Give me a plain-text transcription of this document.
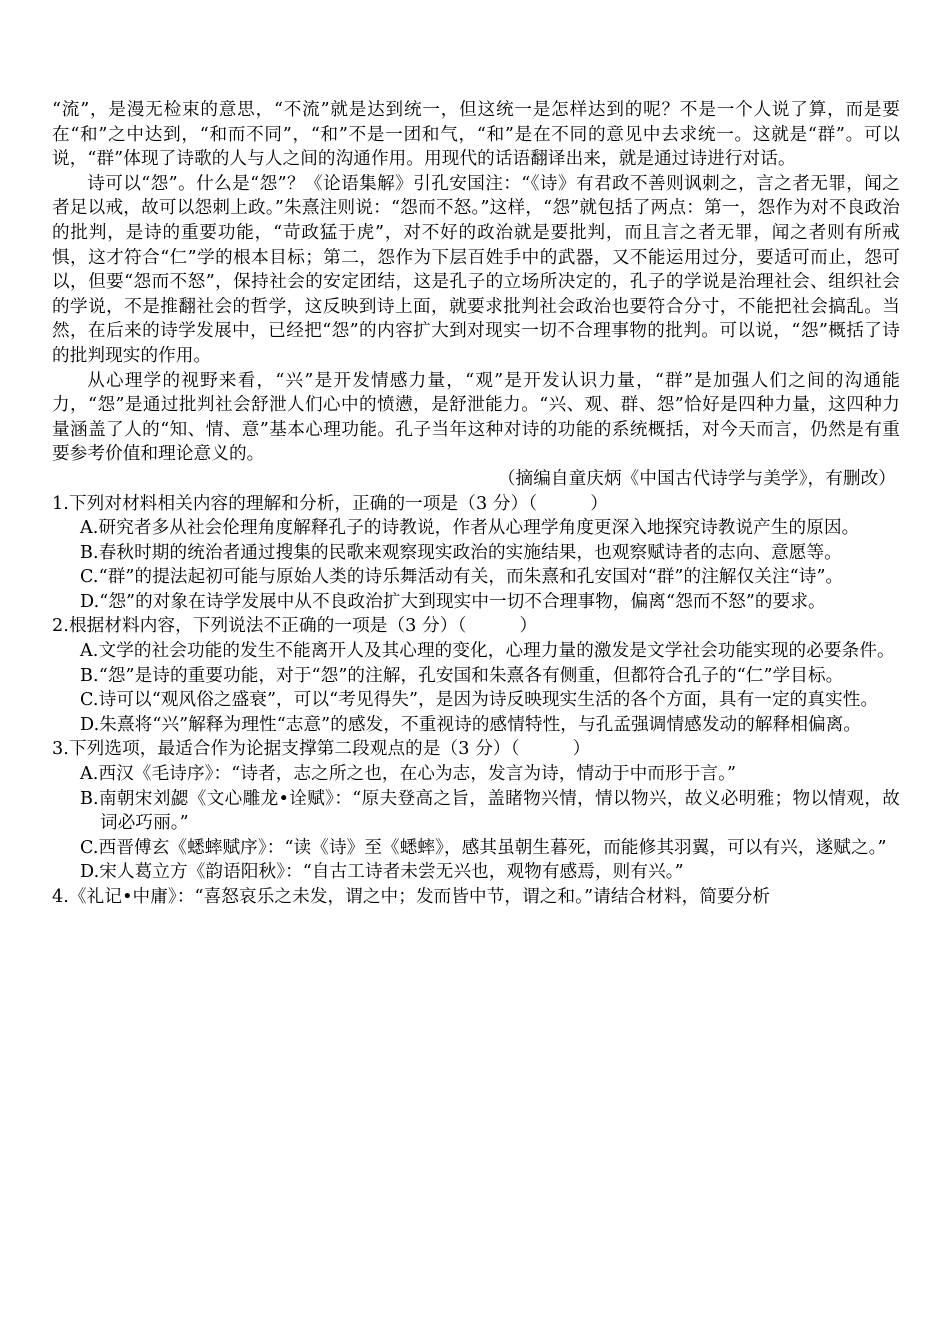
“流”，是漫无检束的意思，“不流”就是达到统一，但这统一是怎样达到的呢？不是一个人说了算，而是要在“和”之中达到，“和而不同”，“和”不是一团和气，“和”是在不同的意见中去求统一。这就是“群”。可以说，“群”体现了诗歌的人与人之间的沟通作用。用现代的话语翻译出来，就是通过诗进行对话。

诗可以“怨”。什么是“怨”？《论语集解》引孔安国注：“《诗》有君政不善则讽刺之，言之者无罪，闻之者足以戒，故可以怨刺上政。”朱熹注则说：“怨而不怒。”这样，“怨”就包括了两点：第一，怨作为对不良政治的批判，是诗的重要功能，“苛政猛于虎”，对不好的政治就是要批判，而且言之者无罪，闻之者则有所戒惧，这才符合“仁”学的根本目标；第二，怨作为下层百姓手中的武器，又不能运用过分，要适可而止，怨可以，但要“怨而不怒”，保持社会的安定团结，这是孔子的立场所决定的，孔子的学说是治理社会、组织社会的学说，不是推翻社会的哲学，这反映到诗上面，就要求批判社会政治也要符合分寸，不能把社会搞乱。当然，在后来的诗学发展中，已经把“怨”的内容扩大到对现实一切不合理事物的批判。可以说，“怨”概括了诗的批判现实的作用。

从心理学的视野来看，“兴”是开发情感力量，“观”是开发认识力量，“群”是加强人们之间的沟通能力，“怨”是通过批判社会舒泄人们心中的愤懑，是舒泄能力。“兴、观、群、怨”恰好是四种力量，这四种力量涵盖了人的“知、情、意”基本心理功能。孔子当年这种对诗的功能的系统概括，对今天而言，仍然是有重要参考价值和理论意义的。

（摘编自童庆炳《中国古代诗学与美学》，有删改）

1.下列对材料相关内容的理解和分析，正确的一项是（3 分）（　　　）

A.研究者多从社会伦理角度解释孔子的诗教说，作者从心理学角度更深入地探究诗教说产生的原因。

B.春秋时期的统治者通过搜集的民歌来观察现实政治的实施结果，也观察赋诗者的志向、意愿等。

C.“群”的提法起初可能与原始人类的诗乐舞活动有关，而朱熹和孔安国对“群”的注解仅关注“诗”。

D.“怨”的对象在诗学发展中从不良政治扩大到现实中一切不合理事物，偏离“怨而不怒”的要求。

2.根据材料内容，下列说法不正确的一项是（3 分）（　　　）

A.文学的社会功能的发生不能离开人及其心理的变化，心理力量的激发是文学社会功能实现的必要条件。

B.“怨”是诗的重要功能，对于“怨”的注解，孔安国和朱熹各有侧重，但都符合孔子的“仁”学目标。

C.诗可以“观风俗之盛衰”，可以“考见得失”，是因为诗反映现实生活的各个方面，具有一定的真实性。

D.朱熹将“兴”解释为理性“志意”的感发，不重视诗的感情特性，与孔孟强调情感发动的解释相偏离。

3.下列选项，最适合作为论据支撑第二段观点的是（3 分）（　　　）

A.西汉《毛诗序》：“诗者，志之所之也，在心为志，发言为诗，情动于中而形于言。”

B.南朝宋刘勰《文心雕龙•诠赋》：“原夫登高之旨，盖睹物兴情，情以物兴，故义必明雅；物以情观，故词必巧丽。”

C.西晋傅玄《蟋蟀赋序》：“读《诗》至《蟋蟀》，感其虽朝生暮死，而能修其羽翼，可以有兴，遂赋之。”

D.宋人葛立方《韵语阳秋》：“自古工诗者未尝无兴也，观物有感焉，则有兴。”

4.《礼记•中庸》：“喜怒哀乐之未发，谓之中；发而皆中节，谓之和。”请结合材料，简要分析
